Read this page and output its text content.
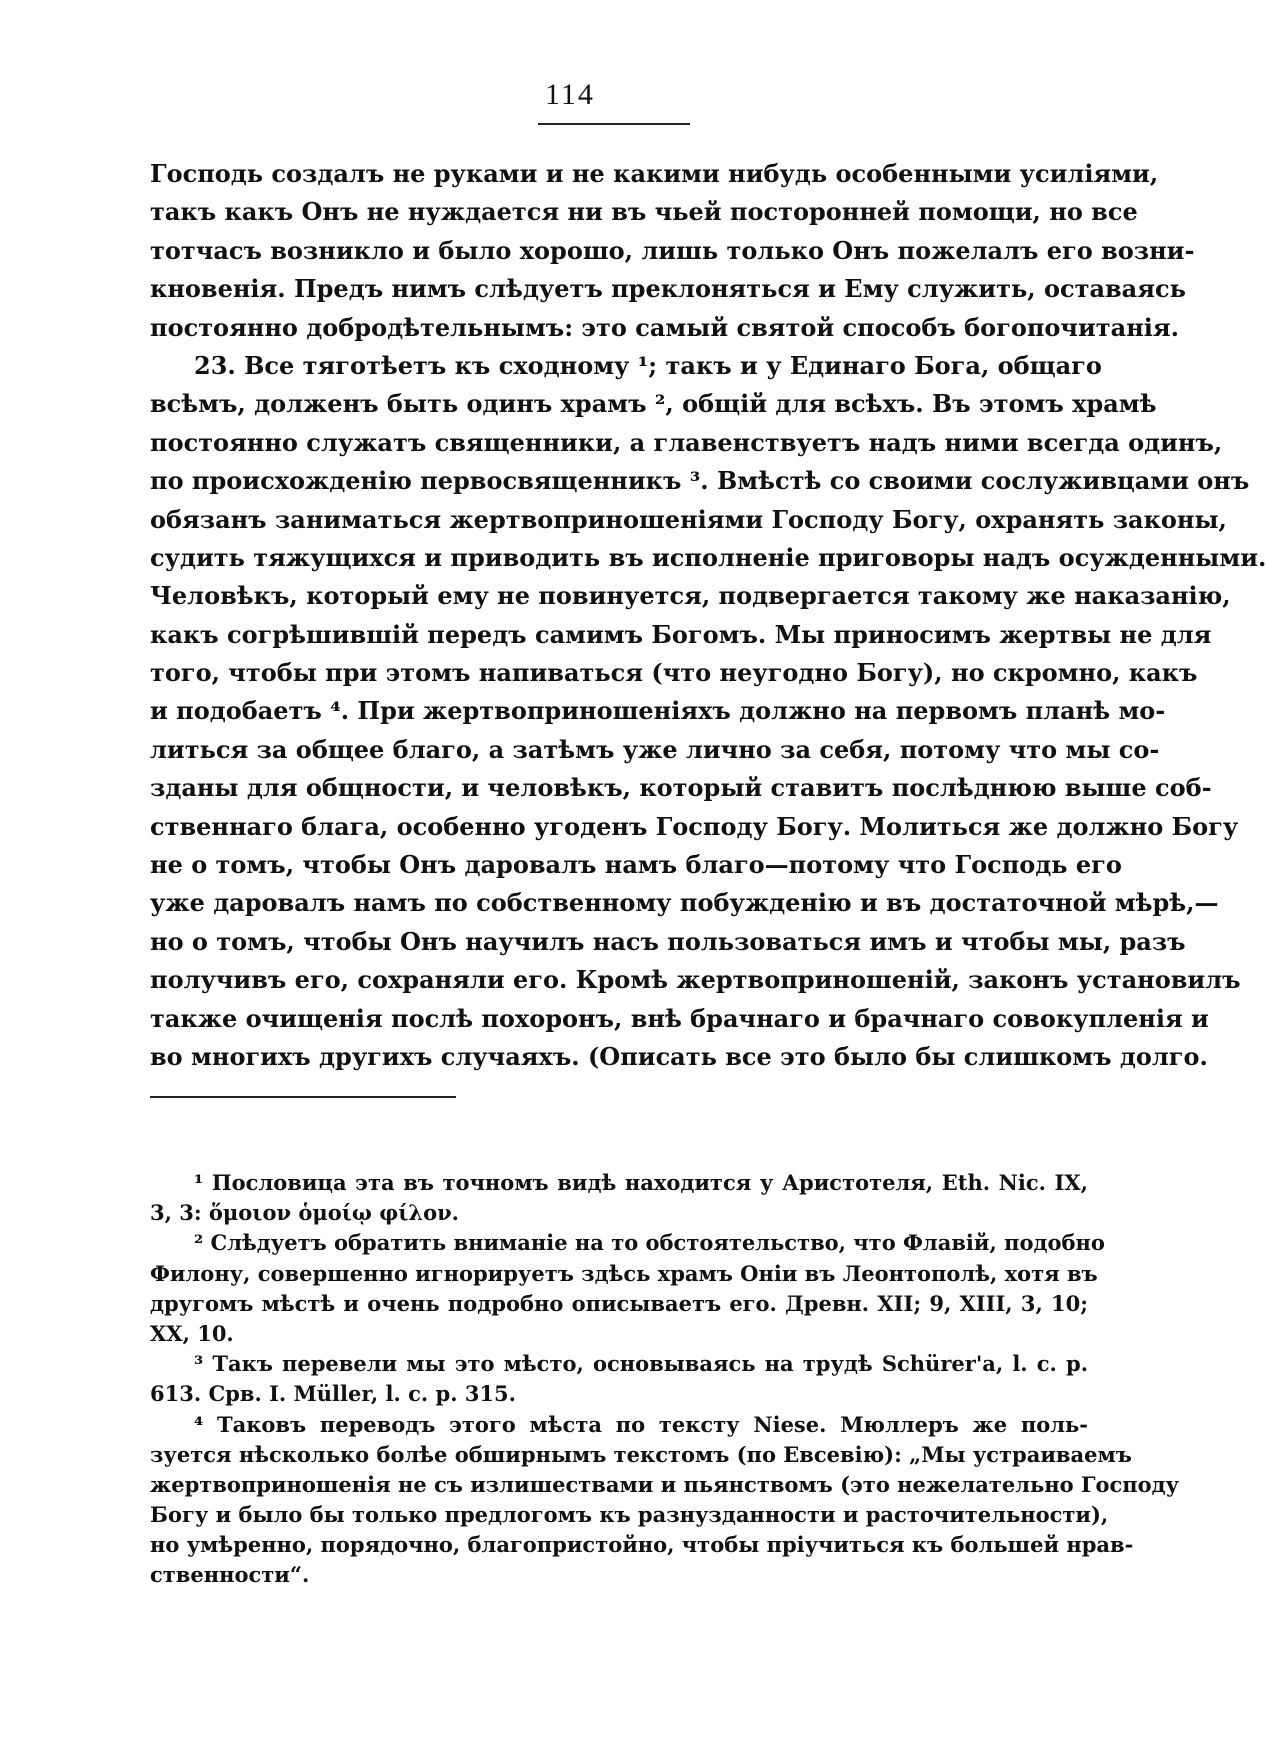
114
Господь создалъ не руками и не какими нибудь особенными усилiями,
такъ какъ Онъ не нуждается ни въ чьей посторонней помощи, но все
тотчасъ возникло и было хорошо, лишь только Онъ пожелалъ его возни-
кновенiя. Предъ нимъ слѣдуетъ преклоняться и Ему служить, оставаясь
постоянно добродѣтельнымъ: это самый святой способъ богопочитанiя.
23. Все тяготѣетъ къ сходному ¹; такъ и у Единаго Бога, общаго
всѣмъ, долженъ быть одинъ храмъ ², общiй для всѣхъ. Въ этомъ храмѣ
постоянно служатъ священники, а главенствуетъ надъ ними всегда одинъ,
по происхожденiю первосвященникъ ³. Вмѣстѣ со своими сослуживцами онъ
обязанъ заниматься жертвоприношенiями Господу Богу, охранять законы,
судить тяжущихся и приводить въ исполненiе приговоры надъ осужденными.
Человѣкъ, который ему не повинуется, подвергается такому же наказанiю,
какъ согрѣшившiй передъ самимъ Богомъ. Мы приносимъ жертвы не для
того, чтобы при этомъ напиваться (что неугодно Богу), но скромно, какъ
и подобаетъ ⁴. При жертвоприношенiяхъ должно на первомъ планѣ мо-
литься за общее благо, а затѣмъ уже лично за себя, потому что мы со-
зданы для общности, и человѣкъ, который ставитъ послѣднюю выше соб-
ственнаго блага, особенно угоденъ Господу Богу. Молиться же должно Богу
не о томъ, чтобы Онъ даровалъ намъ благо—потому что Господь его
уже даровалъ намъ по собственному побужденiю и въ достаточной мѣрѣ,—
но о томъ, чтобы Онъ научилъ насъ пользоваться имъ и чтобы мы, разъ
получивъ его, сохраняли его. Кромѣ жертвоприношенiй, законъ установилъ
также очищенiя послѣ похоронъ, внѣ брачнаго и брачнаго совокупленiя и
во многихъ другихъ случаяхъ. (Описать все это было бы слишкомъ долго.
¹ Пословица эта въ точномъ видѣ находится у Аристотеля, Eth. Nic. IX,
3, 3: ὅμοιον ὁμοίῳ φίλον.
² Слѣдуетъ обратить вниманiе на то обстоятельство, что Флавiй, подобно
Филону, совершенно игнорируетъ здѣсь храмъ Онiи въ Леонтополѣ, хотя въ
другомъ мѣстѣ и очень подробно описываетъ его. Древн. XII; 9, XIII, 3, 10;
XX, 10.
³ Такъ перевели мы это мѣсто, основываясь на трудѣ Schürer'a, l. c. p.
613. Срв. I. Müller, l. c. p. 315.
⁴ Таковъ переводъ этого мѣста по тексту Niese. Мюллеръ же поль-
зуется нѣсколько болѣе обширнымъ текстомъ (по Евсевiю): „Мы устраиваемъ
жертвоприношенiя не съ излишествами и пьянствомъ (это нежелательно Господу
Богу и было бы только предлогомъ къ разнузданности и расточительности),
но умѣренно, порядочно, благопристойно, чтобы прiучиться къ большей нрав-
ственности“.
